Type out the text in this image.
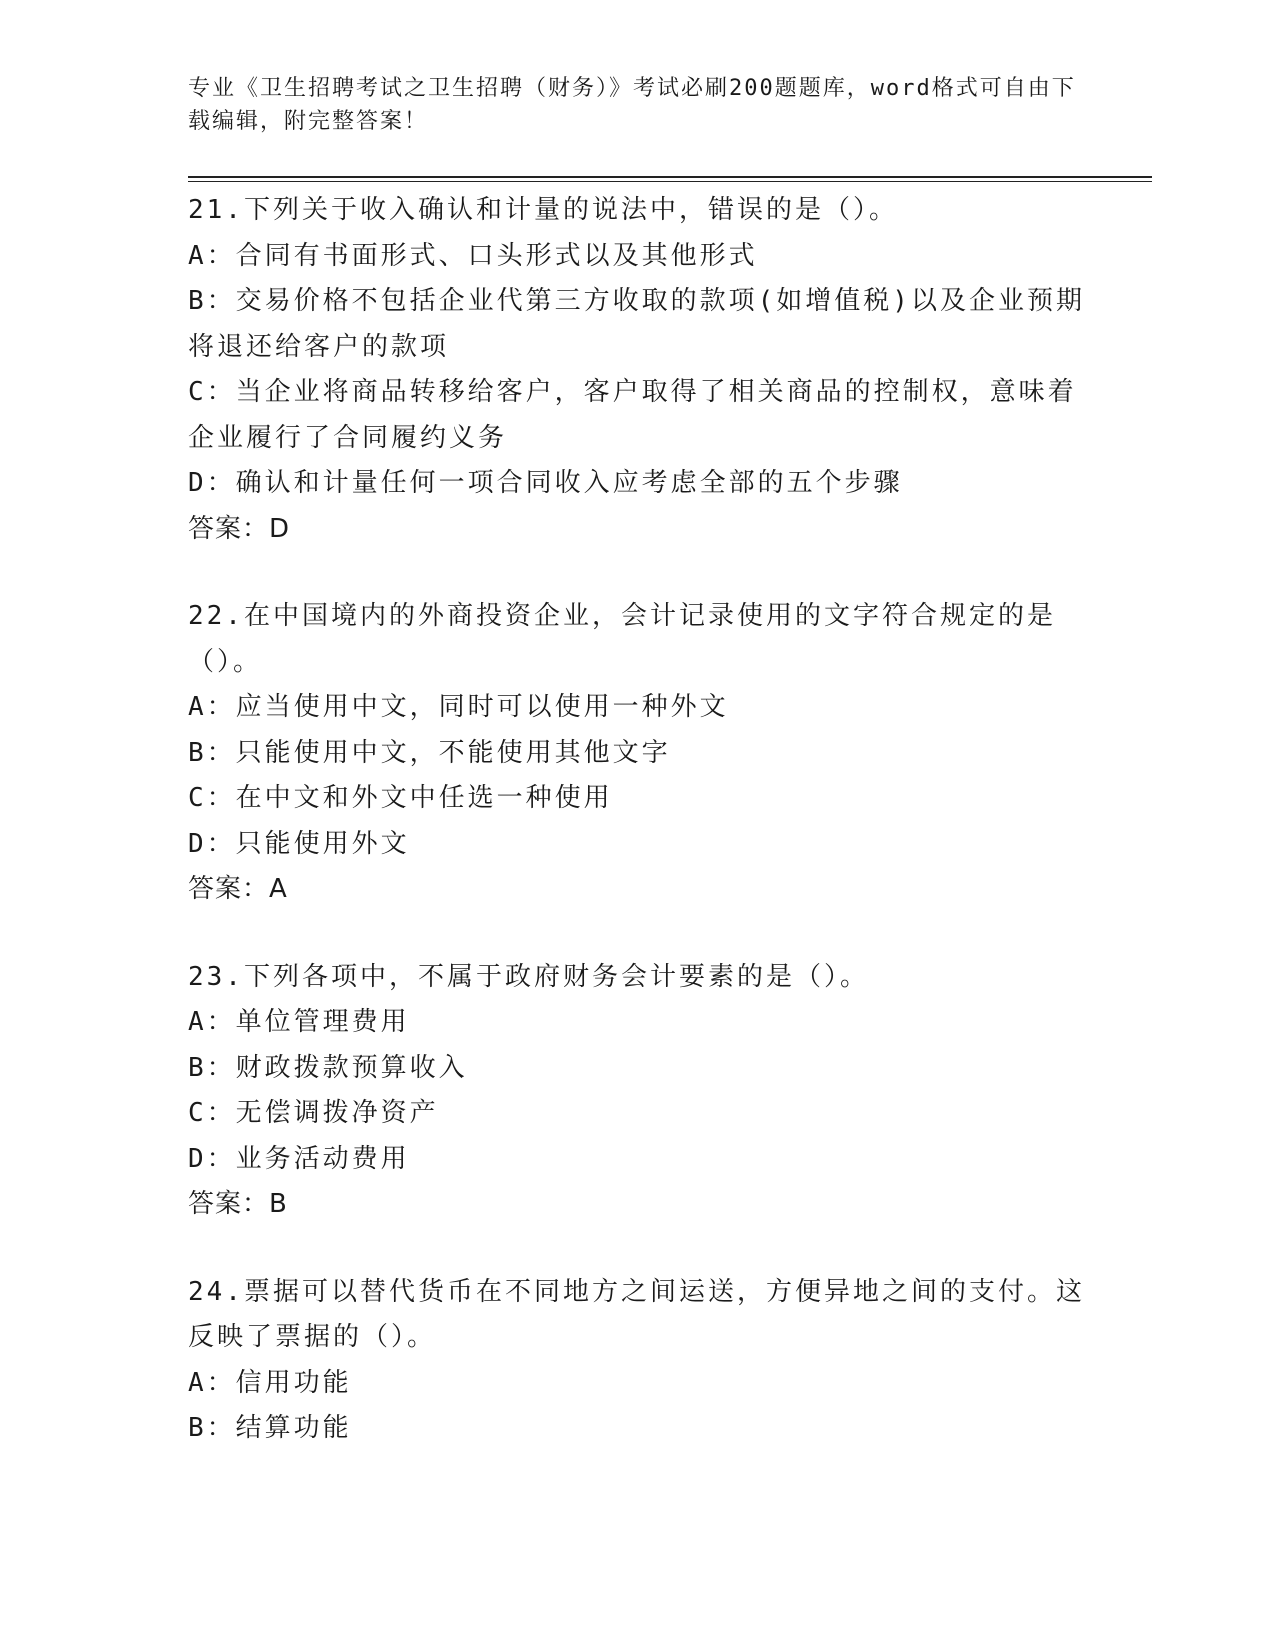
专业《卫生招聘考试之卫生招聘（财务）》考试必刷200题题库，word格式可自由下载编辑，附完整答案！
21.下列关于收入确认和计量的说法中，错误的是（）。
A：合同有书面形式、口头形式以及其他形式
B：交易价格不包括企业代第三方收取的款项(如增值税)以及企业预期将退还给客户的款项
C：当企业将商品转移给客户，客户取得了相关商品的控制权，意味着企业履行了合同履约义务
D：确认和计量任何一项合同收入应考虑全部的五个步骤
答案：D
22.在中国境内的外商投资企业，会计记录使用的文字符合规定的是（）。
A：应当使用中文，同时可以使用一种外文
B：只能使用中文，不能使用其他文字
C：在中文和外文中任选一种使用
D：只能使用外文
答案：A
23.下列各项中，不属于政府财务会计要素的是（）。
A：单位管理费用
B：财政拨款预算收入
C：无偿调拨净资产
D：业务活动费用
答案：B
24.票据可以替代货币在不同地方之间运送，方便异地之间的支付。这反映了票据的（）。
A：信用功能
B：结算功能
